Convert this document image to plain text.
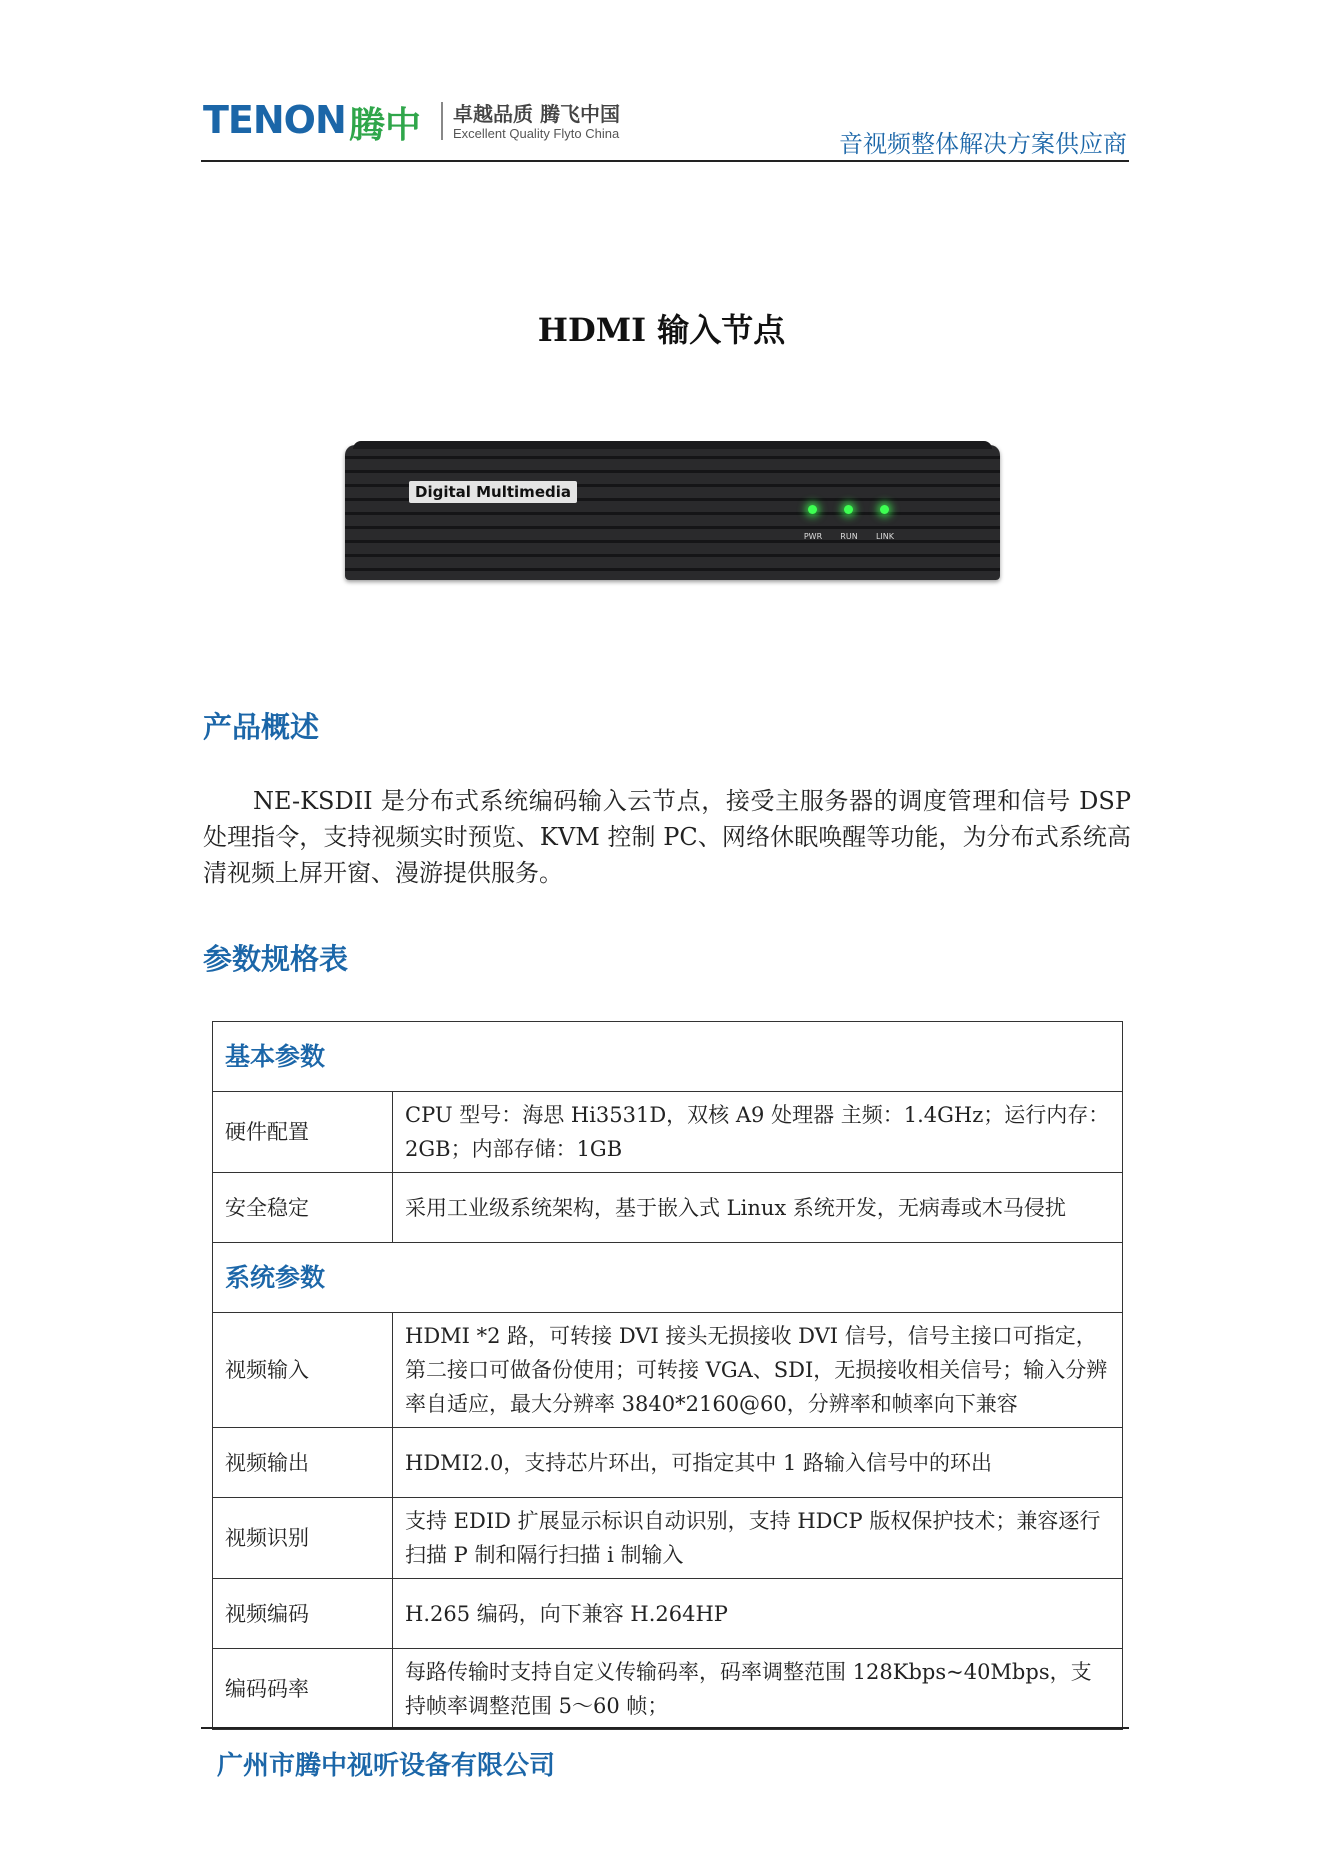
TENON 腾中 卓越品质 腾飞中国
Excellent Quality Flyto China	音视频整体解决方案供应商
HDMI 输入节点
Digital Multimedia
PWR	RUN	LINK
产品概述
NE-KSDII 是分布式系统编码输入云节点，接受主服务器的调度管理和信号 DSP 处理指令，支持视频实时预览、KVM 控制 PC、网络休眠唤醒等功能，为分布式系统高清视频上屏开窗、漫游提供服务。
参数规格表
基本参数	
硬件配置	CPU 型号：海思 Hi3531D，双核 A9 处理器 主频：1.4GHz；运行内存：2GB；内部存储：1GB
安全稳定	采用工业级系统架构，基于嵌入式 Linux 系统开发，无病毒或木马侵扰
系统参数	
视频输入	HDMI *2 路，可转接 DVI 接头无损接收 DVI 信号，信号主接口可指定，第二接口可做备份使用；可转接 VGA、SDI，无损接收相关信号；输入分辨率自适应，最大分辨率 3840*2160@60，分辨率和帧率向下兼容
视频输出	HDMI2.0，支持芯片环出，可指定其中 1 路输入信号中的环出
视频识别	支持 EDID 扩展显示标识自动识别，支持 HDCP 版权保护技术；兼容逐行扫描 P 制和隔行扫描 i 制输入
视频编码	H.265 编码，向下兼容 H.264HP
编码码率	每路传输时支持自定义传输码率，码率调整范围 128Kbps~40Mbps，支持帧率调整范围 5～60 帧；
广州市腾中视听设备有限公司
